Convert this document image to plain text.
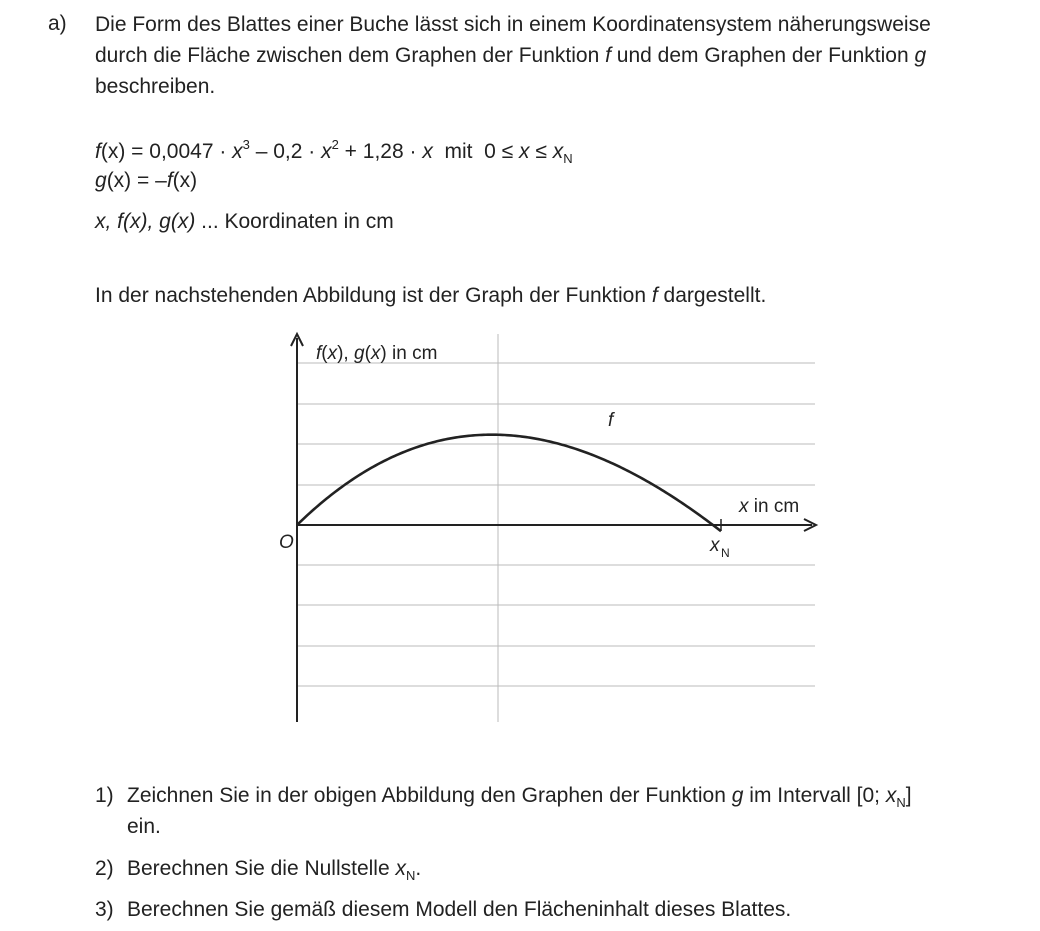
a) Die Form des Blattes einer Buche lässt sich in einem Koordinatensystem näherungsweise
durch die Fläche zwischen dem Graphen der Funktion f und dem Graphen der Funktion g
beschreiben.
$f(x) = 0,0047 \cdot x^3 - 0,2 \cdot x^2 + 1,28 \cdot x$  mit  $0 \le x \le x_N$
g(x) = –f(x)
x, f(x), g(x) ... Koordinaten in cm
In der nachstehenden Abbildung ist der Graph der Funktion f dargestellt.
f(x), g(x) in cm
x in cm
O
f
x N
1) Zeichnen Sie in der obigen Abbildung den Graphen der Funktion g im Intervall [0; $x_N$]
ein.
2) Berechnen Sie die Nullstelle $x_N$.
3) Berechnen Sie gemäß diesem Modell den Flächeninhalt dieses Blattes.
